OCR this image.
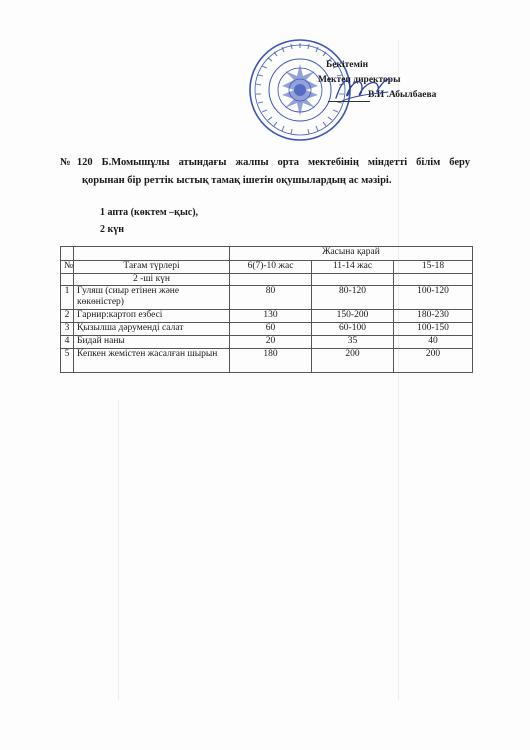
Бекітемін
Мектеп директоры
В.И .Абылбаева
№120 Б.Момышұлы атындағы жалпы орта мектебінің міндетті білім беру
қорынан бір реттік ыстық тамақ ішетін оқушылардың ас мәзірі.
1 апта (көктем –қыс),
2 күн
		Жасына қарай		
№	Тағам түрлері	6(7)-10 жас	11-14 жас	15-18
	2 -ші күн			
1	Гуляш (сиыр етінен және көкөністер)	80	80-120	100-120
2	Гарнир:картоп езбесі	130	150-200	180-230
3	Қызылша дәруменді салат	60	60-100	100-150
4	Бидай наны	20	35	40
5	Кепкен жемістен жасалған шырын	180	200	200
